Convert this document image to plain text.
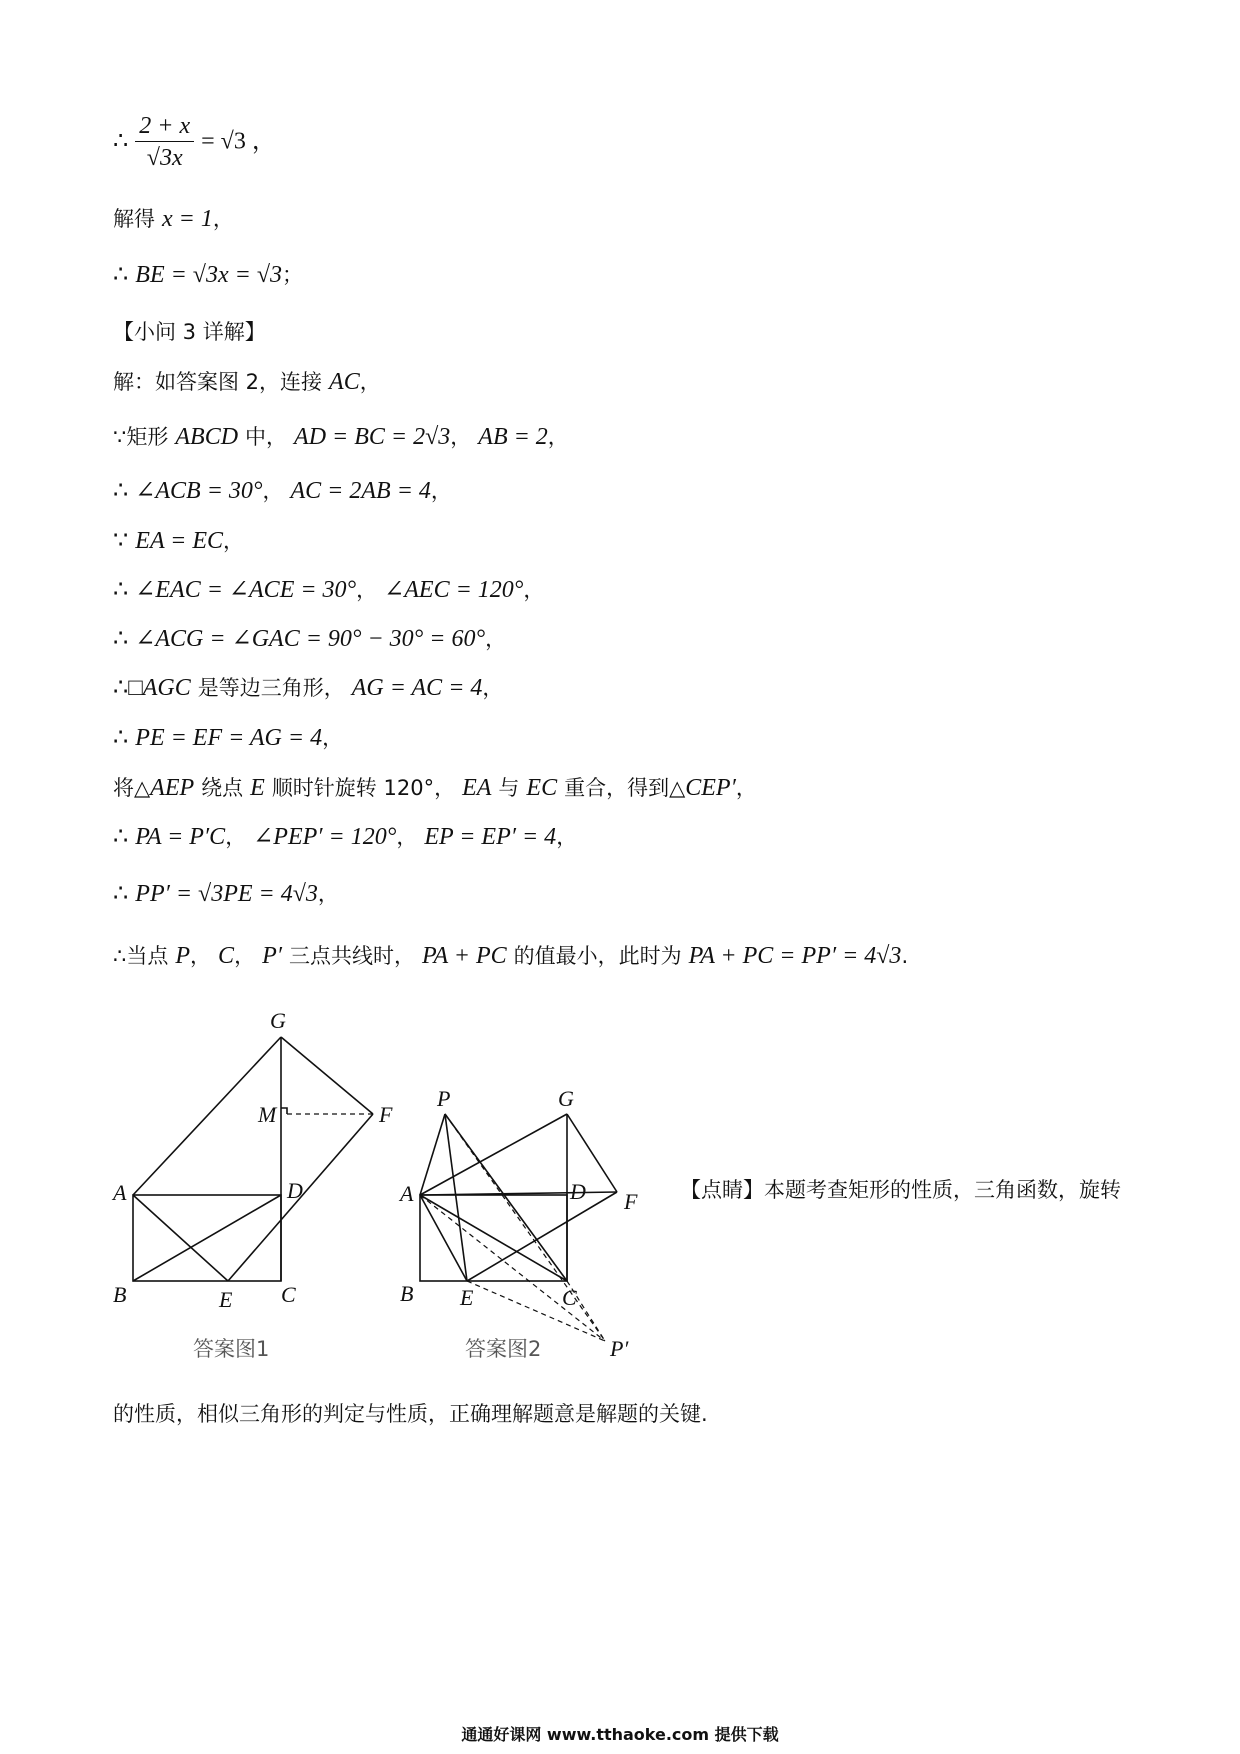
∴ $\frac{2 + x}{√3x} = √3$ ，
解得 x = 1，
∴ BE = √3x = √3；
【小问 3 详解】
解：如答案图 2，连接 AC，
∵矩形 ABCD 中， AD = BC = 2√3， AB = 2，
∴ ∠ACB = 30°， AC = 2AB = 4，
∵ EA = EC，
∴ ∠EAC = ∠ACE = 30°， ∠AEC = 120°，
∴ ∠ACG = ∠GAC = 90° − 30° = 60°，
∴□AGC 是等边三角形， AG = AC = 4，
∴ PE = EF = AG = 4，
将△AEP 绕点 E 顺时针旋转 120°， EA 与 EC 重合，得到△CEP′，
∴ PA = P′C， ∠PEP′ = 120°， EP = EP′ = 4，
∴ PP′ = √3PE = 4√3，
∴当点 P， C， P′ 三点共线时， PA + PC 的值最小，此时为 PA + PC = PP′ = 4√3.
G
M	F
A	D
B	E C
答案图1
P	G
A	D F
B E	C
P′
答案图2
【点睛】本题考查矩形的性质，三角函数，旋转
的性质，相似三角形的判定与性质，正确理解题意是解题的关键.
通通好课网 www.tthaoke.com 提供下载
